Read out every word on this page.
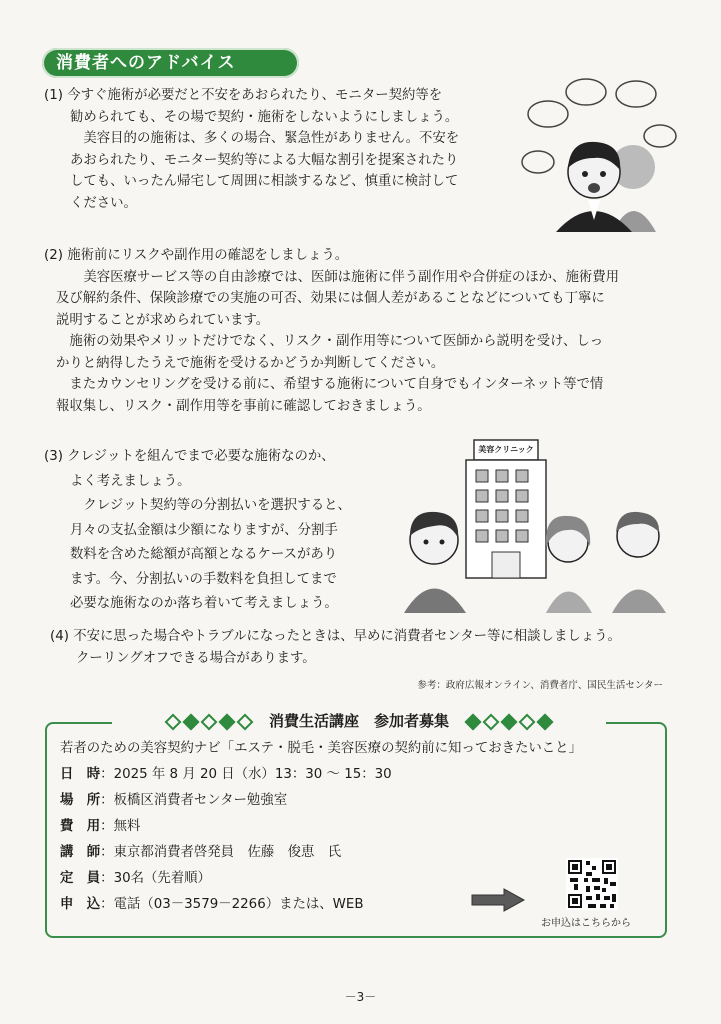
消費者へのアドバイス
(1) 今すぐ施術が必要だと不安をあおられたり、モニター契約等を
勧められても、その場で契約・施術をしないようにしましょう。
　美容目的の施術は、多くの場合、緊急性がありません。不安を
あおられたり、モニター契約等による大幅な割引を提案されたり
しても、いったん帰宅して周囲に相談するなど、慎重に検討して
ください。
(2) 施術前にリスクや副作用の確認をしましょう。
　美容医療サービス等の自由診療では、医師は施術に伴う副作用や合併症のほか、施術費用
及び解約条件、保険診療での実施の可否、効果には個人差があることなどについても丁寧に
説明することが求められています。
　施術の効果やメリットだけでなく、リスク・副作用等について医師から説明を受け、しっ
かりと納得したうえで施術を受けるかどうか判断してください。
　またカウンセリングを受ける前に、希望する施術について自身でもインターネット等で情
報収集し、リスク・副作用等を事前に確認しておきましょう。
(3) クレジットを組んでまで必要な施術なのか、
よく考えましょう。
　クレジット契約等の分割払いを選択すると、
月々の支払金額は少額になりますが、分割手
数料を含めた総額が高額となるケースがあり
ます。今、分割払いの手数料を負担してまで
必要な施術なのか落ち着いて考えましょう。
美容クリニック
(4) 不安に思った場合やトラブルになったときは、早めに消費者センター等に相談しましょう。
クーリングオフできる場合があります。
参考：政府広報オンライン、消費者庁、国民生活センター
消費生活講座　参加者募集
若者のための美容契約ナビ「エステ・脱毛・美容医療の契約前に知っておきたいこと」
日　時：2025 年 8 月 20 日（水）13：30 ～ 15：30
場　所：板橋区消費者センター勉強室
費　用：無料
講　師：東京都消費者啓発員　佐藤　俊恵　氏
定　員：30名（先着順）
申　込：電話（03－3579－2266）または、WEB
お申込はこちらから
－3－
